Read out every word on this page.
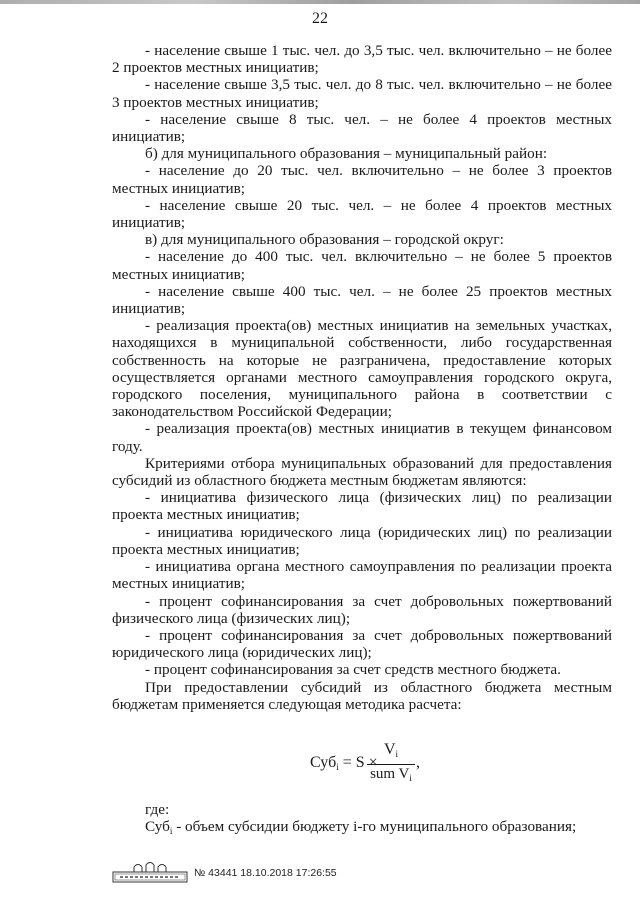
22
- население свыше 1 тыс. чел. до 3,5 тыс. чел. включительно – не более 2 проектов местных инициатив;
- население свыше 3,5 тыс. чел. до 8 тыс. чел. включительно – не более 3 проектов местных инициатив;
- население свыше 8 тыс. чел. – не более 4 проектов местных инициатив;
б) для муниципального образования – муниципальный район:
- население до 20 тыс. чел. включительно – не более 3 проектов местных инициатив;
- население свыше 20 тыс. чел. – не более 4 проектов местных инициатив;
в) для муниципального образования – городской округ:
- население до 400 тыс. чел. включительно – не более 5 проектов местных инициатив;
- население свыше 400 тыс. чел. – не более 25 проектов местных инициатив;
- реализация проекта(ов) местных инициатив на земельных участках, находящихся в муниципальной собственности, либо государственная собственность на которые не разграничена, предоставление которых осуществляется органами местного самоуправления городского округа, городского поселения, муниципального района в соответствии с законодательством Российской Федерации;
- реализация проекта(ов) местных инициатив в текущем финансовом году.
Критериями отбора муниципальных образований для предоставления субсидий из областного бюджета местным бюджетам являются:
- инициатива физического лица (физических лиц) по реализации проекта местных инициатив;
- инициатива юридического лица (юридических лиц) по реализации проекта местных инициатив;
- инициатива органа местного самоуправления по реализации проекта местных инициатив;
- процент софинансирования за счет добровольных пожертвований физического лица (физических лиц);
- процент софинансирования за счет добровольных пожертвований юридического лица (юридических лиц);
- процент софинансирования за счет средств местного бюджета.
При предоставлении субсидий из областного бюджета местным бюджетам применяется следующая методика расчета:
Суб$_i$ = S ×
$V_i$
sum $V_i$
,
где:
Суб$_i$ - объем субсидии бюджету i-го муниципального образования;
№ 43441 18.10.2018 17:26:55
